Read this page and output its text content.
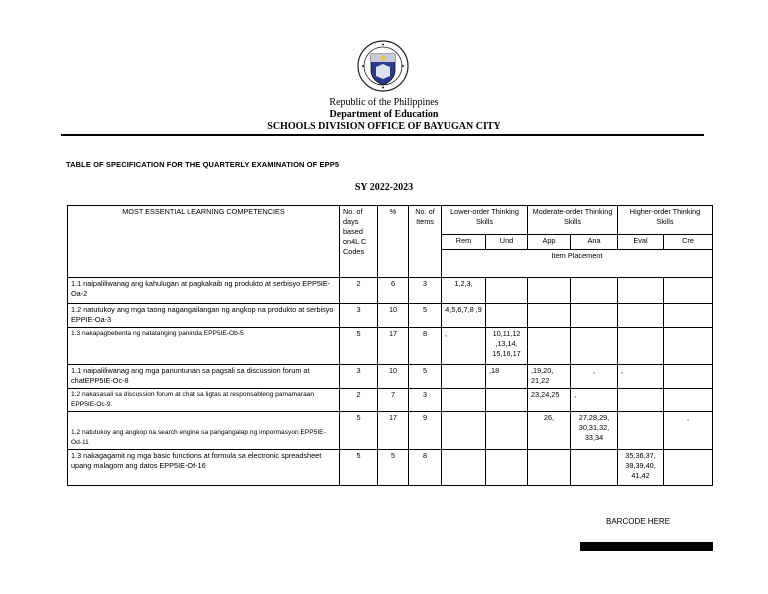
Republic of the Philippines
Department of Education
SCHOOLS DIVISION OFFICE OF BAYUGAN CITY
TABLE OF SPECIFICATION FOR THE QUARTERLY EXAMINATION OF EPP5
SY 2022-2023
MOST ESSENTIAL LEARNING COMPETENCIES	No. of days based on4L C Codes	%	No. of Items	Lower-order Thinking Skills		Moderate-order Thinking Skills		Higher-order Thinking Skills	
				Rem	Und	App	Ana	Eval	Cre
				Item Placement					
1.1 naipaliliwanag ang kahulugan at pagkakaib ng produkto at serbisyo EPP5IE-Oa-2	2	6	3	1,2,3,					
1.2 natutukoy ang mga taong nagangailangan ng angkop na produkto at serbisyo EPPIE-Oa-3	3	10	5	4,5,6,7,8 ,9					
1.3 nakapagbebenta ng natatanging paninda EPP5IE-Ob-5	5	17	8	,	10,11,12 ,13,14, 15,16,17				
1.1 naipaliliwanag ang mga panuntunan sa pagsali sa discussion forum at chatEPP5IE-Oc-8	3	10	5		,18	,19,20, 21,22	,	,	
1.2 nakasasali sa discussion forum at chat sa ligtas at responsableng pamamaraan EPP5IE-Oc-9.	2	7	3			23,24,25	,		
1.2 natutukoy ang angkop na search engine sa pangangalap ng impormasyon EPP5IE-Od-11	5	17	9			26,	27,28,29, 30,31,32, 33,34		,
1.3 nakagagamit ng mga basic functions at formula sa electronic spreadsheet upang malagom ang datos EPP5IE-Of-16	5	5	8					35,36,37, 38,39,40, 41,42	
BARCODE HERE
